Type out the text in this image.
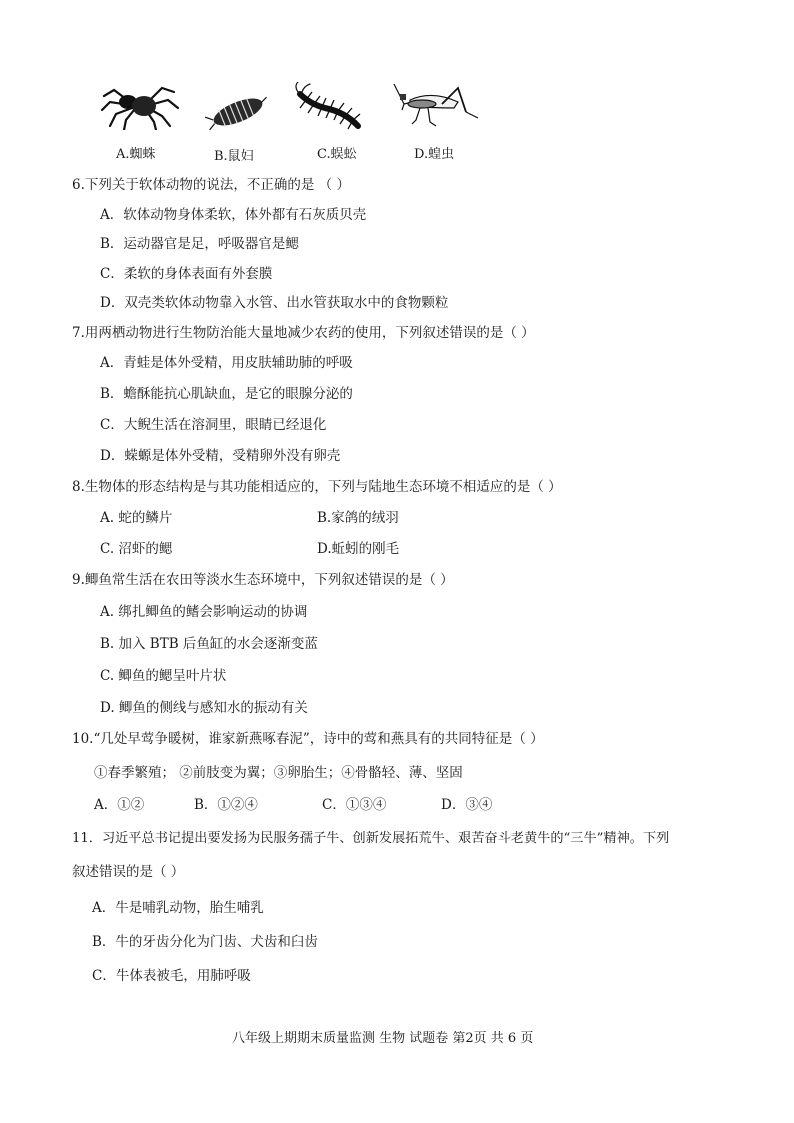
A.蜘蛛	B.鼠妇	C.蜈蚣	D.蝗虫
6.下列关于软体动物的说法，不正确的是 （ ）
A．软体动物身体柔软，体外都有石灰质贝壳
B．运动器官是足，呼吸器官是鳃
C．柔软的身体表面有外套膜
D．双壳类软体动物靠入水管、出水管获取水中的食物颗粒
7.用两栖动物进行生物防治能大量地减少农药的使用，下列叙述错误的是（ ）
A．青蛙是体外受精，用皮肤辅助肺的呼吸
B．蟾酥能抗心肌缺血，是它的眼腺分泌的
C．大鲵生活在溶洞里，眼睛已经退化
D．蝾螈是体外受精，受精卵外没有卵壳
8.生物体的形态结构是与其功能相适应的，下列与陆地生态环境不相适应的是（ ）
A. 蛇的鳞片	B.家鸽的绒羽
C. 沼虾的鳃	D.蚯蚓的刚毛
9.鲫鱼常生活在农田等淡水生态环境中，下列叙述错误的是（ ）
A. 绑扎鲫鱼的鳍会影响运动的协调
B. 加入 BTB 后鱼缸的水会逐渐变蓝
C. 鲫鱼的鳃呈叶片状
D. 鲫鱼的侧线与感知水的振动有关
10.“几处早莺争暖树，谁家新燕啄春泥”，诗中的莺和燕具有的共同特征是（ ）
①春季繁殖； ②前肢变为翼；③卵胎生；④骨骼轻、薄、坚固
A．①②	B．①②④	C．①③④	D．③④
11．习近平总书记提出要发扬为民服务孺子牛、创新发展拓荒牛、艰苦奋斗老黄牛的“三牛”精神。下列
叙述错误的是（ ）
A．牛是哺乳动物，胎生哺乳
B．牛的牙齿分化为门齿、犬齿和臼齿
C．牛体表被毛，用肺呼吸
八年级上期期末质量监测 生物 试题卷 第2页 共 6 页
